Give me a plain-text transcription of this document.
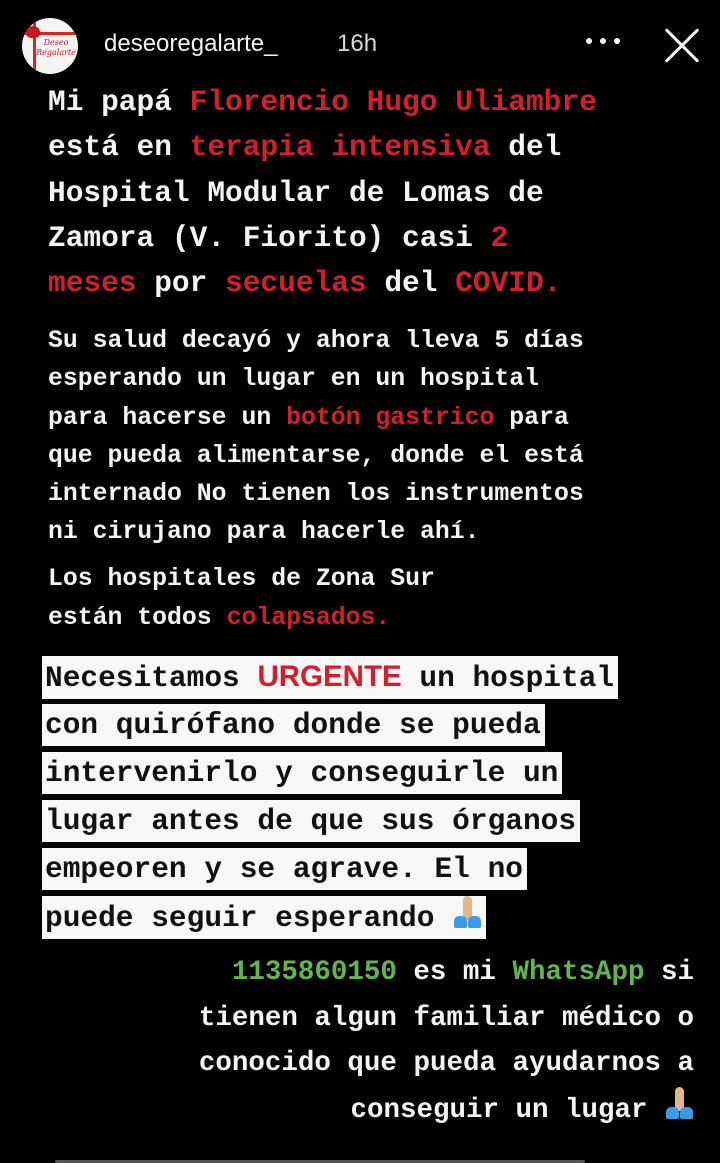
Deseo
Regalarte deseoregalarte_ 16h
Mi papá Florencio Hugo Uliambre
está en terapia intensiva del
Hospital Modular de Lomas de
Zamora (V. Fiorito) casi 2
meses por secuelas del COVID.
Su salud decayó y ahora lleva 5 días
esperando un lugar en un hospital
para hacerse un botón gastrico para
que pueda alimentarse, donde el está
internado No tienen los instrumentos
ni cirujano para hacerle ahí.
Los hospitales de Zona Sur
están todos colapsados.
Necesitamos URGENTE un hospital
con quirófano donde se pueda
intervenirlo y conseguirle un
lugar antes de que sus órganos
empeoren y se agrave. El no
puede seguir esperando
1135860150 es mi WhatsApp si
tienen algun familiar médico o
conocido que pueda ayudarnos a
conseguir un lugar
